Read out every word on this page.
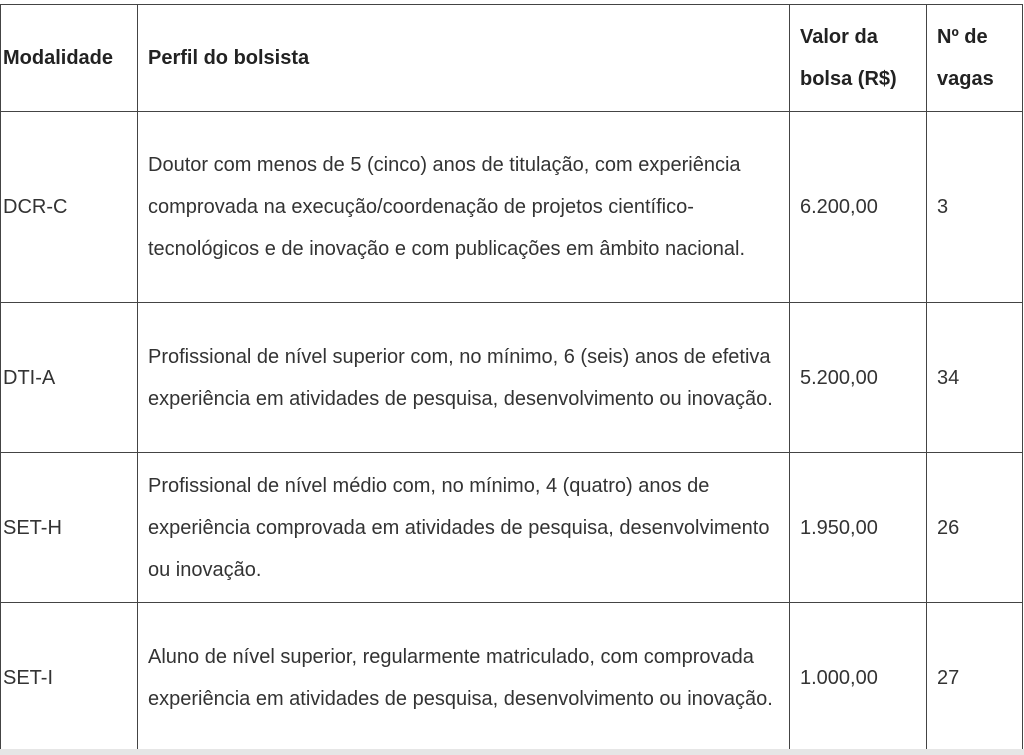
Modalidade	Perfil do bolsista	Valor da bolsa (R$)	Nº de vagas
DCR-C	Doutor com menos de 5 (cinco) anos de titulação, com experiência comprovada na execução/coordenação de projetos científico-tecnológicos e de inovação e com publicações em âmbito nacional.	6.200,00	3
DTI-A	Profissional de nível superior com, no mínimo, 6 (seis) anos de efetiva experiência em atividades de pesquisa, desenvolvimento ou inovação.	5.200,00	34
SET-H	Profissional de nível médio com, no mínimo, 4 (quatro) anos de experiência comprovada em atividades de pesquisa, desenvolvimento ou inovação.	1.950,00	26
SET-I	Aluno de nível superior, regularmente matriculado, com comprovada experiência em atividades de pesquisa, desenvolvimento ou inovação.	1.000,00	27
